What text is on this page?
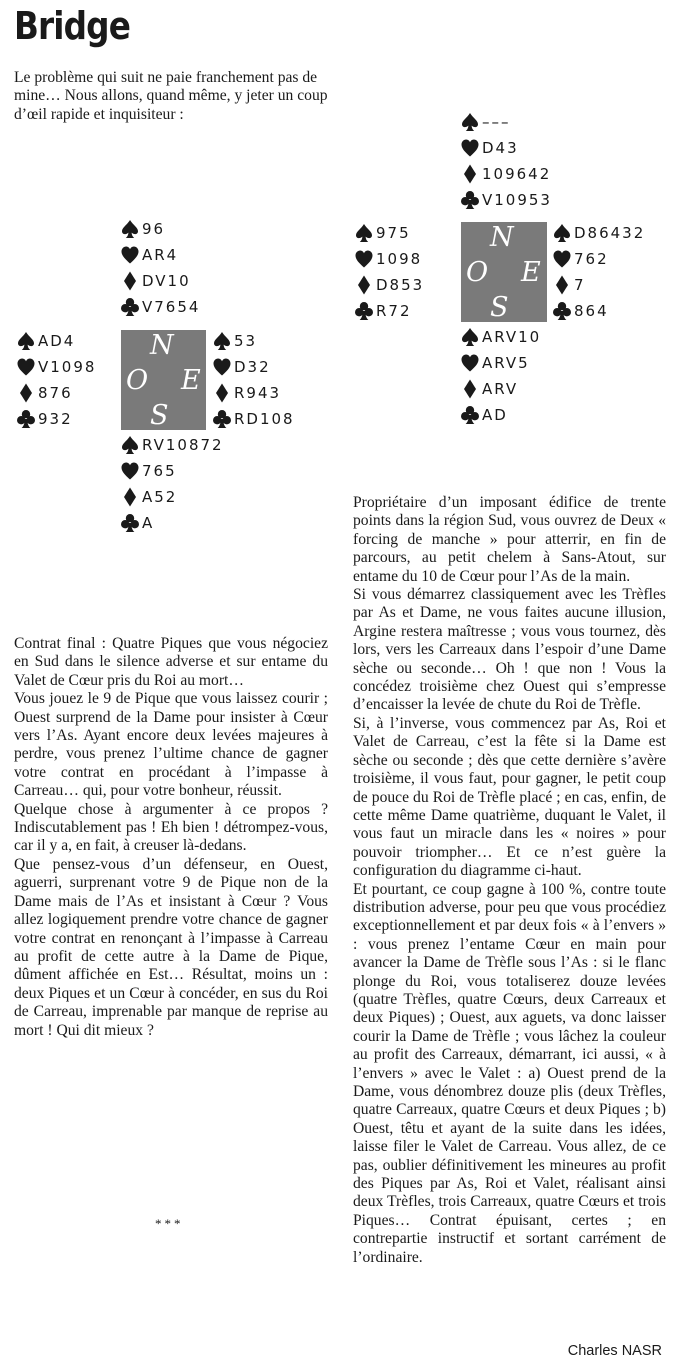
Bridge

Le problème qui suit ne paie franchement pas de mine… Nous allons, quand même, y jeter un coup d’œil rapide et inquisiteur :

96
AR4
DV10
V7654
AD4
V1098
876
932
N
O E
S
53
D32
R943
RD108
RV10872
765
A52
A
–––
D43
109642
V10953
975
1098
D853
R72
N
O E
S
D86432
762
7
864
ARV10
ARV5
ARV
AD
Contrat final : Quatre Piques que vous négociez en Sud dans le silence adverse et sur entame du Valet de Cœur pris du Roi au mort…
Vous jouez le 9 de Pique que vous laissez courir ; Ouest surprend de la Dame pour insister à Cœur vers l’As. Ayant encore deux levées majeures à perdre, vous prenez l’ultime chance de gagner votre contrat en procédant à l’impasse à Carreau… qui, pour votre bonheur, réussit.
Quelque chose à argumenter à ce propos ? Indiscutablement pas ! Eh bien ! détrompez-vous, car il y a, en fait, à creuser là-dedans.
Que pensez-vous d’un défenseur, en Ouest, aguerri, surprenant votre 9 de Pique non de la Dame mais de l’As et insistant à Cœur ? Vous allez logiquement prendre votre chance de gagner votre contrat en renonçant à l’impasse à Carreau au profit de cette autre à la Dame de Pique, dûment affichée en Est… Résultat, moins un : deux Piques et un Cœur à concéder, en sus du Roi de Carreau, imprenable par manque de reprise au mort ! Qui dit mieux ?
***
Propriétaire d’un imposant édifice de trente points dans la région Sud, vous ouvrez de Deux « forcing de manche » pour atterrir, en fin de parcours, au petit chelem à Sans-Atout, sur entame du 10 de Cœur pour l’As de la main.
Si vous démarrez classiquement avec les Trèfles par As et Dame, ne vous faites aucune illusion, Argine restera maîtresse ; vous vous tournez, dès lors, vers les Carreaux dans l’espoir d’une Dame sèche ou seconde… Oh ! que non ! Vous la concédez troisième chez Ouest qui s’empresse d’encaisser la levée de chute du Roi de Trèfle.
Si, à l’inverse, vous commencez par As, Roi et Valet de Carreau, c’est la fête si la Dame est sèche ou seconde ; dès que cette dernière s’avère troisième, il vous faut, pour gagner, le petit coup de pouce du Roi de Trèfle placé ; en cas, enfin, de cette même Dame quatrième, duquant le Valet, il vous faut un miracle dans les « noires » pour pouvoir triompher… Et ce n’est guère la configuration du diagramme ci-haut.
Et pourtant, ce coup gagne à 100 %, contre toute distribution adverse, pour peu que vous procédiez exceptionnellement et par deux fois « à l’envers » : vous prenez l’entame Cœur en main pour avancer la Dame de Trèfle sous l’As : si le flanc plonge du Roi, vous totaliserez douze levées (quatre Trèfles, quatre Cœurs, deux Carreaux et deux Piques) ; Ouest, aux aguets, va donc laisser courir la Dame de Trèfle ; vous lâchez la couleur au profit des Carreaux, démarrant, ici aussi, « à l’envers » avec le Valet : a) Ouest prend de la Dame, vous dénombrez douze plis (deux Trèfles, quatre Carreaux, quatre Cœurs et deux Piques ; b) Ouest, têtu et ayant de la suite dans les idées, laisse filer le Valet de Carreau. Vous allez, de ce pas, oublier définitivement les mineures au profit des Piques par As, Roi et Valet, réalisant ainsi deux Trèfles, trois Carreaux, quatre Cœurs et trois Piques… Contrat épuisant, certes ; en contrepartie instructif et sortant carrément de l’ordinaire.
Charles NASR
